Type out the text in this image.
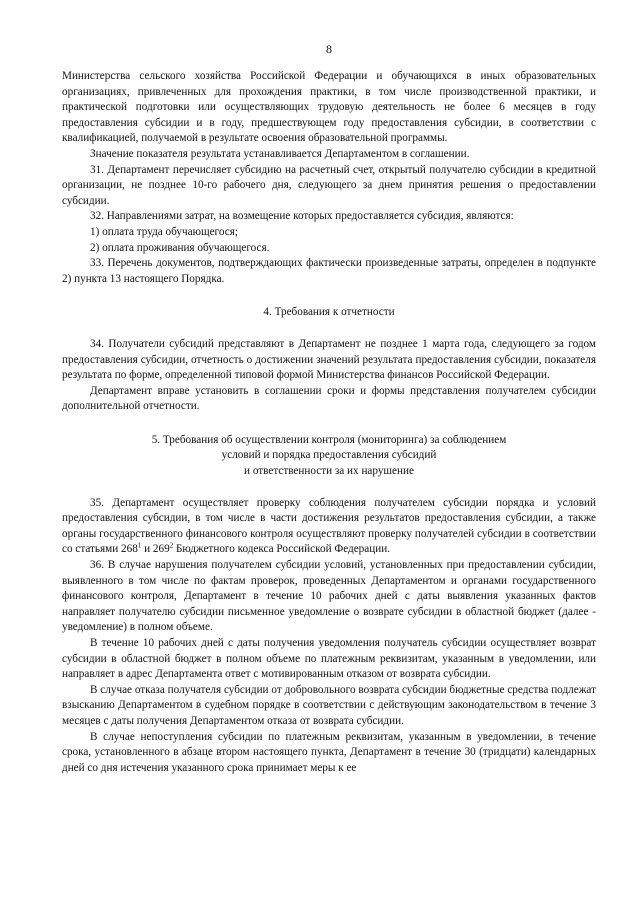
8

Министерства сельского хозяйства Российской Федерации и обучающихся в иных образовательных организациях, привлеченных для прохождения практики, в том числе производственной практики, и практической подготовки или осуществляющих трудовую деятельность не более 6 месяцев в году предоставления субсидии и в году, предшествующем году предоставления субсидии, в соответствии с квалификацией, получаемой в результате освоения образовательной программы.

Значение показателя результата устанавливается Департаментом в соглашении.

31. Департамент перечисляет субсидию на расчетный счет, открытый получателю субсидии в кредитной организации, не позднее 10-го рабочего дня, следующего за днем принятия решения о предоставлении субсидии.

32. Направлениями затрат, на возмещение которых предоставляется субсидия, являются:

1) оплата труда обучающегося;

2) оплата проживания обучающегося.

33. Перечень документов, подтверждающих фактически произведенные затраты, определен в подпункте 2) пункта 13 настоящего Порядка.

4. Требования к отчетности

34. Получатели субсидий представляют в Департамент не позднее 1 марта года, следующего за годом предоставления субсидии, отчетность о достижении значений результата предоставления субсидии, показателя результата по форме, определенной типовой формой Министерства финансов Российской Федерации.

Департамент вправе установить в соглашении сроки и формы представления получателем субсидии дополнительной отчетности.

5. Требования об осуществлении контроля (мониторинга) за соблюдением
условий и порядка предоставления субсидий
и ответственности за их нарушение

35. Департамент осуществляет проверку соблюдения получателем субсидии порядка и условий предоставления субсидии, в том числе в части достижения результатов предоставления субсидии, а также органы государственного финансового контроля осуществляют проверку получателей субсидии в соответствии со статьями $268^1$ и $269^2$ Бюджетного кодекса Российской Федерации.

36. В случае нарушения получателем субсидии условий, установленных при предоставлении субсидии, выявленного в том числе по фактам проверок, проведенных Департаментом и органами государственного финансового контроля, Департамент в течение 10 рабочих дней с даты выявления указанных фактов направляет получателю субсидии письменное уведомление о возврате субсидии в областной бюджет (далее - уведомление) в полном объеме.

В течение 10 рабочих дней с даты получения уведомления получатель субсидии осуществляет возврат субсидии в областной бюджет в полном объеме по платежным реквизитам, указанным в уведомлении, или направляет в адрес Департамента ответ с мотивированным отказом от возврата субсидии.

В случае отказа получателя субсидии от добровольного возврата субсидии бюджетные средства подлежат взысканию Департаментом в судебном порядке в соответствии с действующим законодательством в течение 3 месяцев с даты получения Департаментом отказа от возврата субсидии.

В случае непоступления субсидии по платежным реквизитам, указанным в уведомлении, в течение срока, установленного в абзаце втором настоящего пункта, Департамент в течение 30 (тридцати) календарных дней со дня истечения указанного срока принимает меры к ее
